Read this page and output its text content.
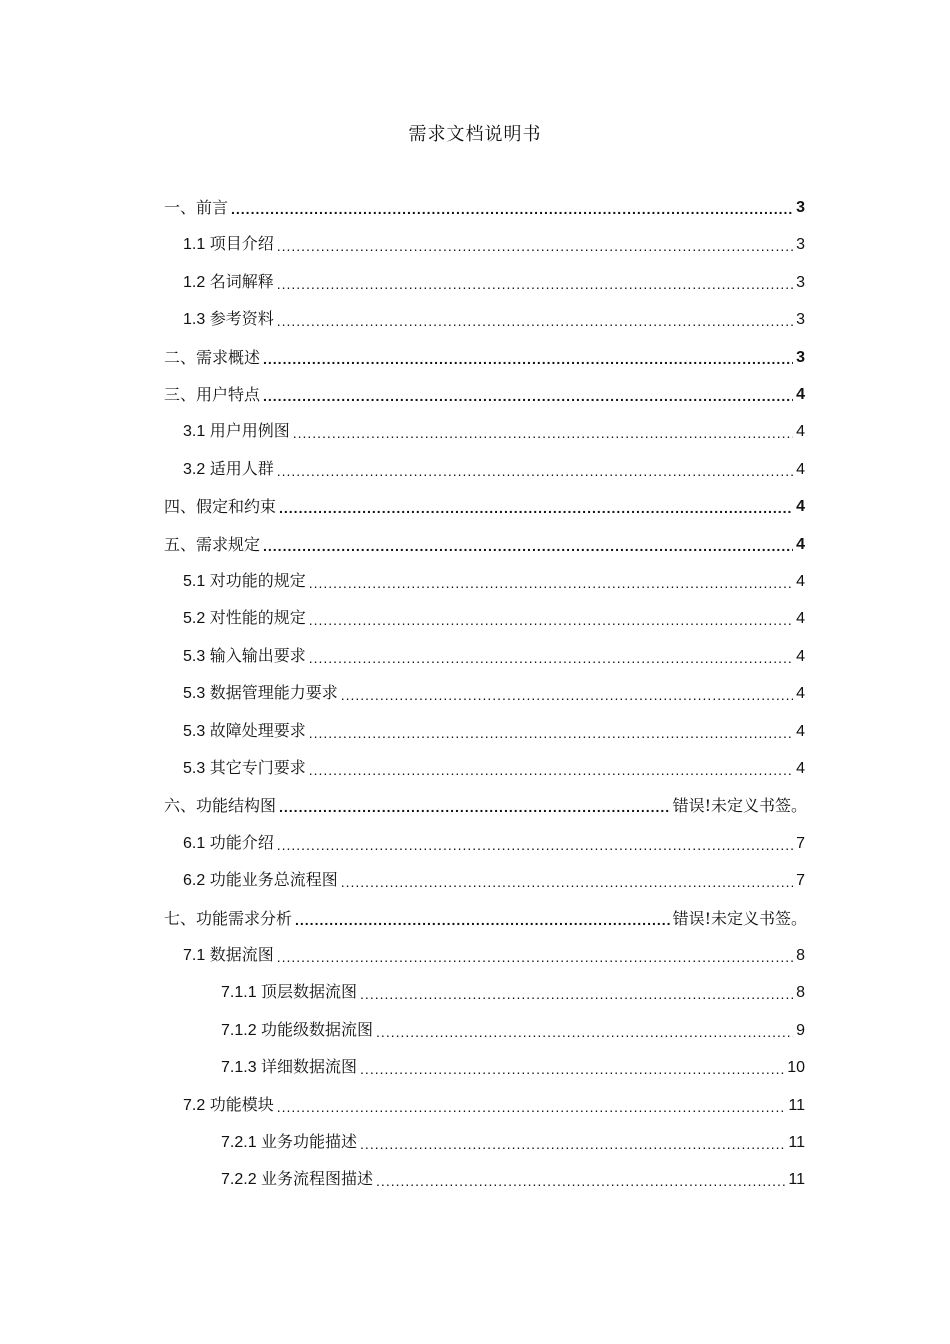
需求文档说明书
一、前言 .....	3
1.1 项目介绍 .....	3
1.2 名词解释 .....	3
1.3 参考资料 .....	3
二、需求概述 .....	3
三、用户特点 .....	4
3.1 用户用例图 .....	4
3.2 适用人群 .....	4
四、假定和约束 .....	4
五、需求规定 .....	4
5.1 对功能的规定 .....	4
5.2 对性能的规定 .....	4
5.3 输入输出要求 .....	4
5.3 数据管理能力要求 .....	4
5.3 故障处理要求 .....	4
5.3 其它专门要求 .....	4
六、功能结构图 .....	错误!未定义书签。
6.1 功能介绍 .....	7
6.2 功能业务总流程图 .....	7
七、功能需求分析 .....	错误!未定义书签。
7.1 数据流图 .....	8
7.1.1 顶层数据流图 .....	8
7.1.2 功能级数据流图 .....	9
7.1.3 详细数据流图 .....	10
7.2 功能模块 .....	11
7.2.1 业务功能描述 .....	11
7.2.2 业务流程图描述 .....	11
